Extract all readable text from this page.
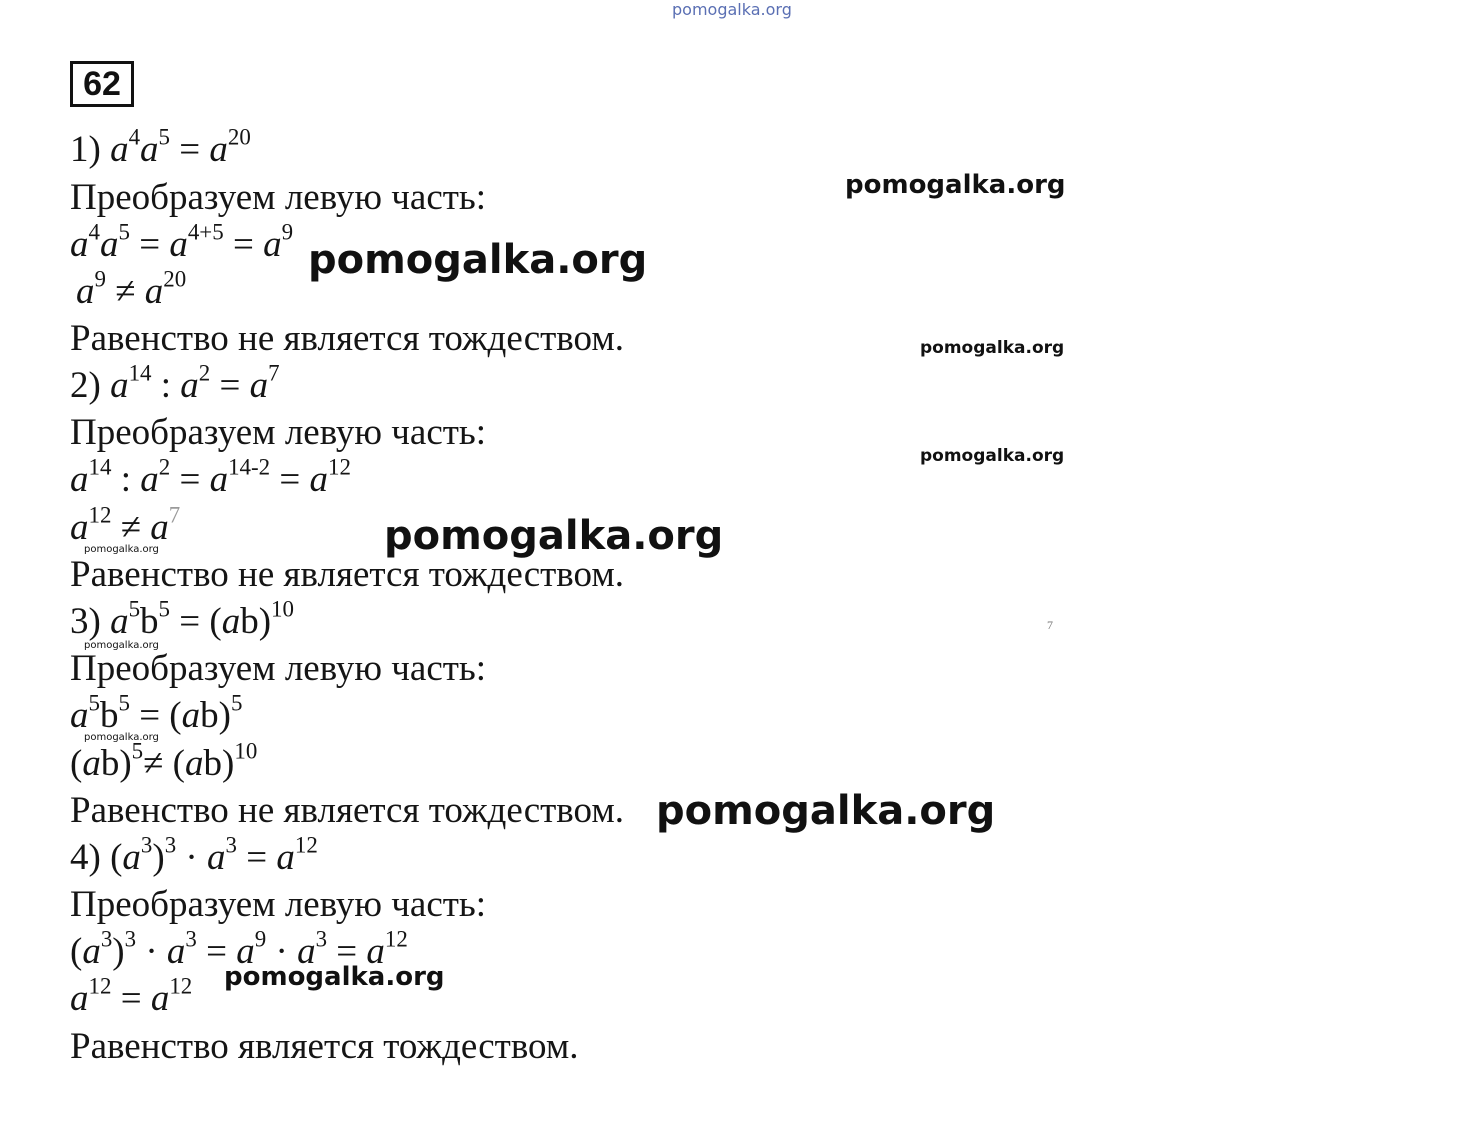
pomogalka.org
62
1) $a^4a^5 = a^{20}$
Преобразуем левую часть:
$a^4a^5 = a^{4+5} = a^9$
$a^9 \ne a^{20}$
Равенство не является тождеством.
2) $a^{14}$ : $a^2 = a^7$
Преобразуем левую часть:
$a^{14}$ : $a^2 = a^{14-2} = a^{12}$
$a^{12} \ne a^7$
Равенство не является тождеством.
3) $a^5b^5 = (ab)^{10}$
Преобразуем левую часть:
$a^5b^5 = (ab)^5$
(ab)$^5$≠ (ab)$^{10}$
Равенство не является тождеством.
4) $(a^3)^3 \cdot a^3 = a^{12}$
Преобразуем левую часть:
$(a^3)^3 \cdot a^3 = a^9 \cdot a^3 = a^{12}$
$a^{12} = a^{12}$
Равенство является тождеством.
pomogalka.org
pomogalka.org
pomogalka.org
pomogalka.org
pomogalka.org
pomogalka.org
pomogalka.org
pomogalka.org
pomogalka.org
pomogalka.org
7
